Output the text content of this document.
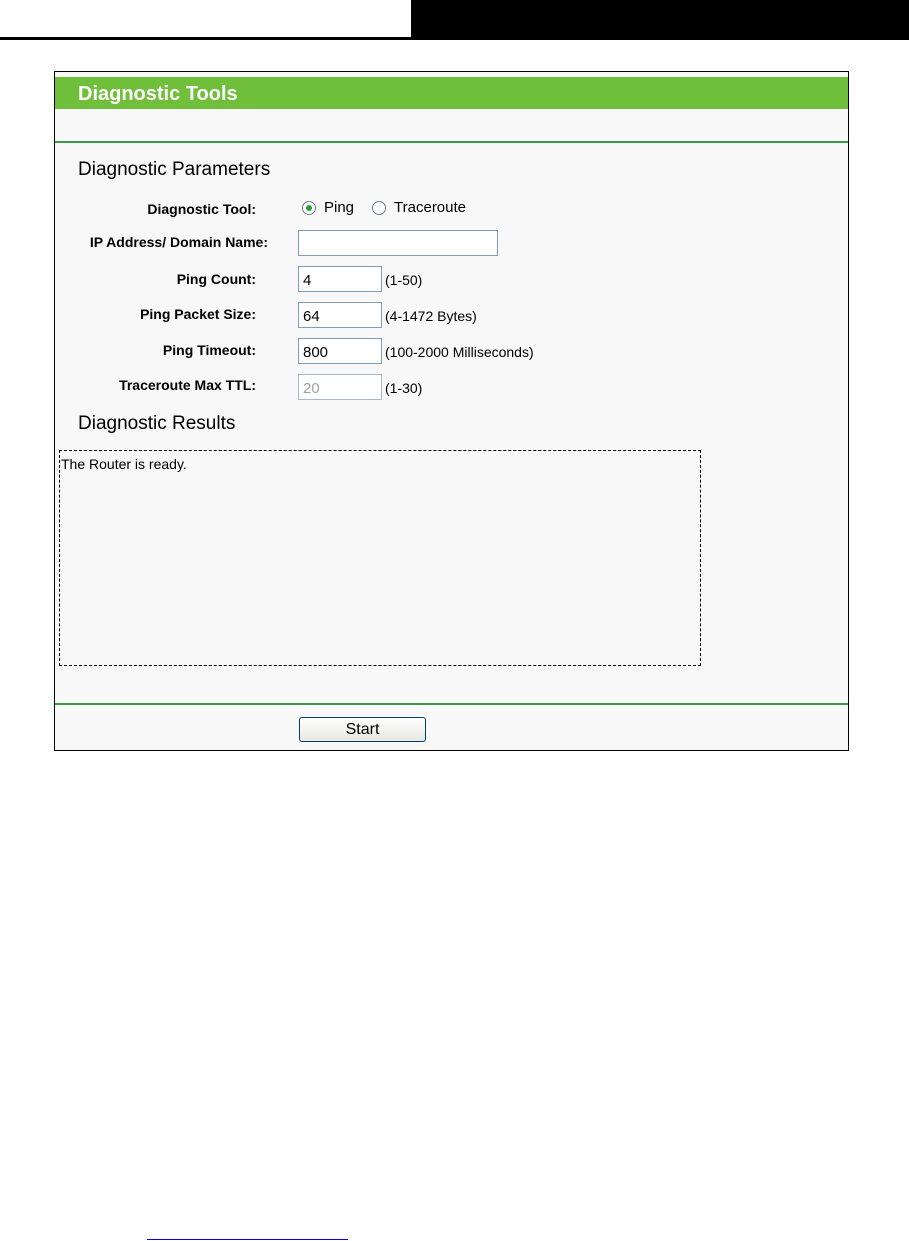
Diagnostic Tools
Diagnostic Parameters
Diagnostic Tool:	Ping	Traceroute
IP Address/ Domain Name:
Ping Count:
4	(1-50)
Ping Packet Size:
64	(4-1472 Bytes)
Ping Timeout:
800	(100-2000 Milliseconds)
Traceroute Max TTL:
20	(1-30)
Diagnostic Results
The Router is ready.
Start
